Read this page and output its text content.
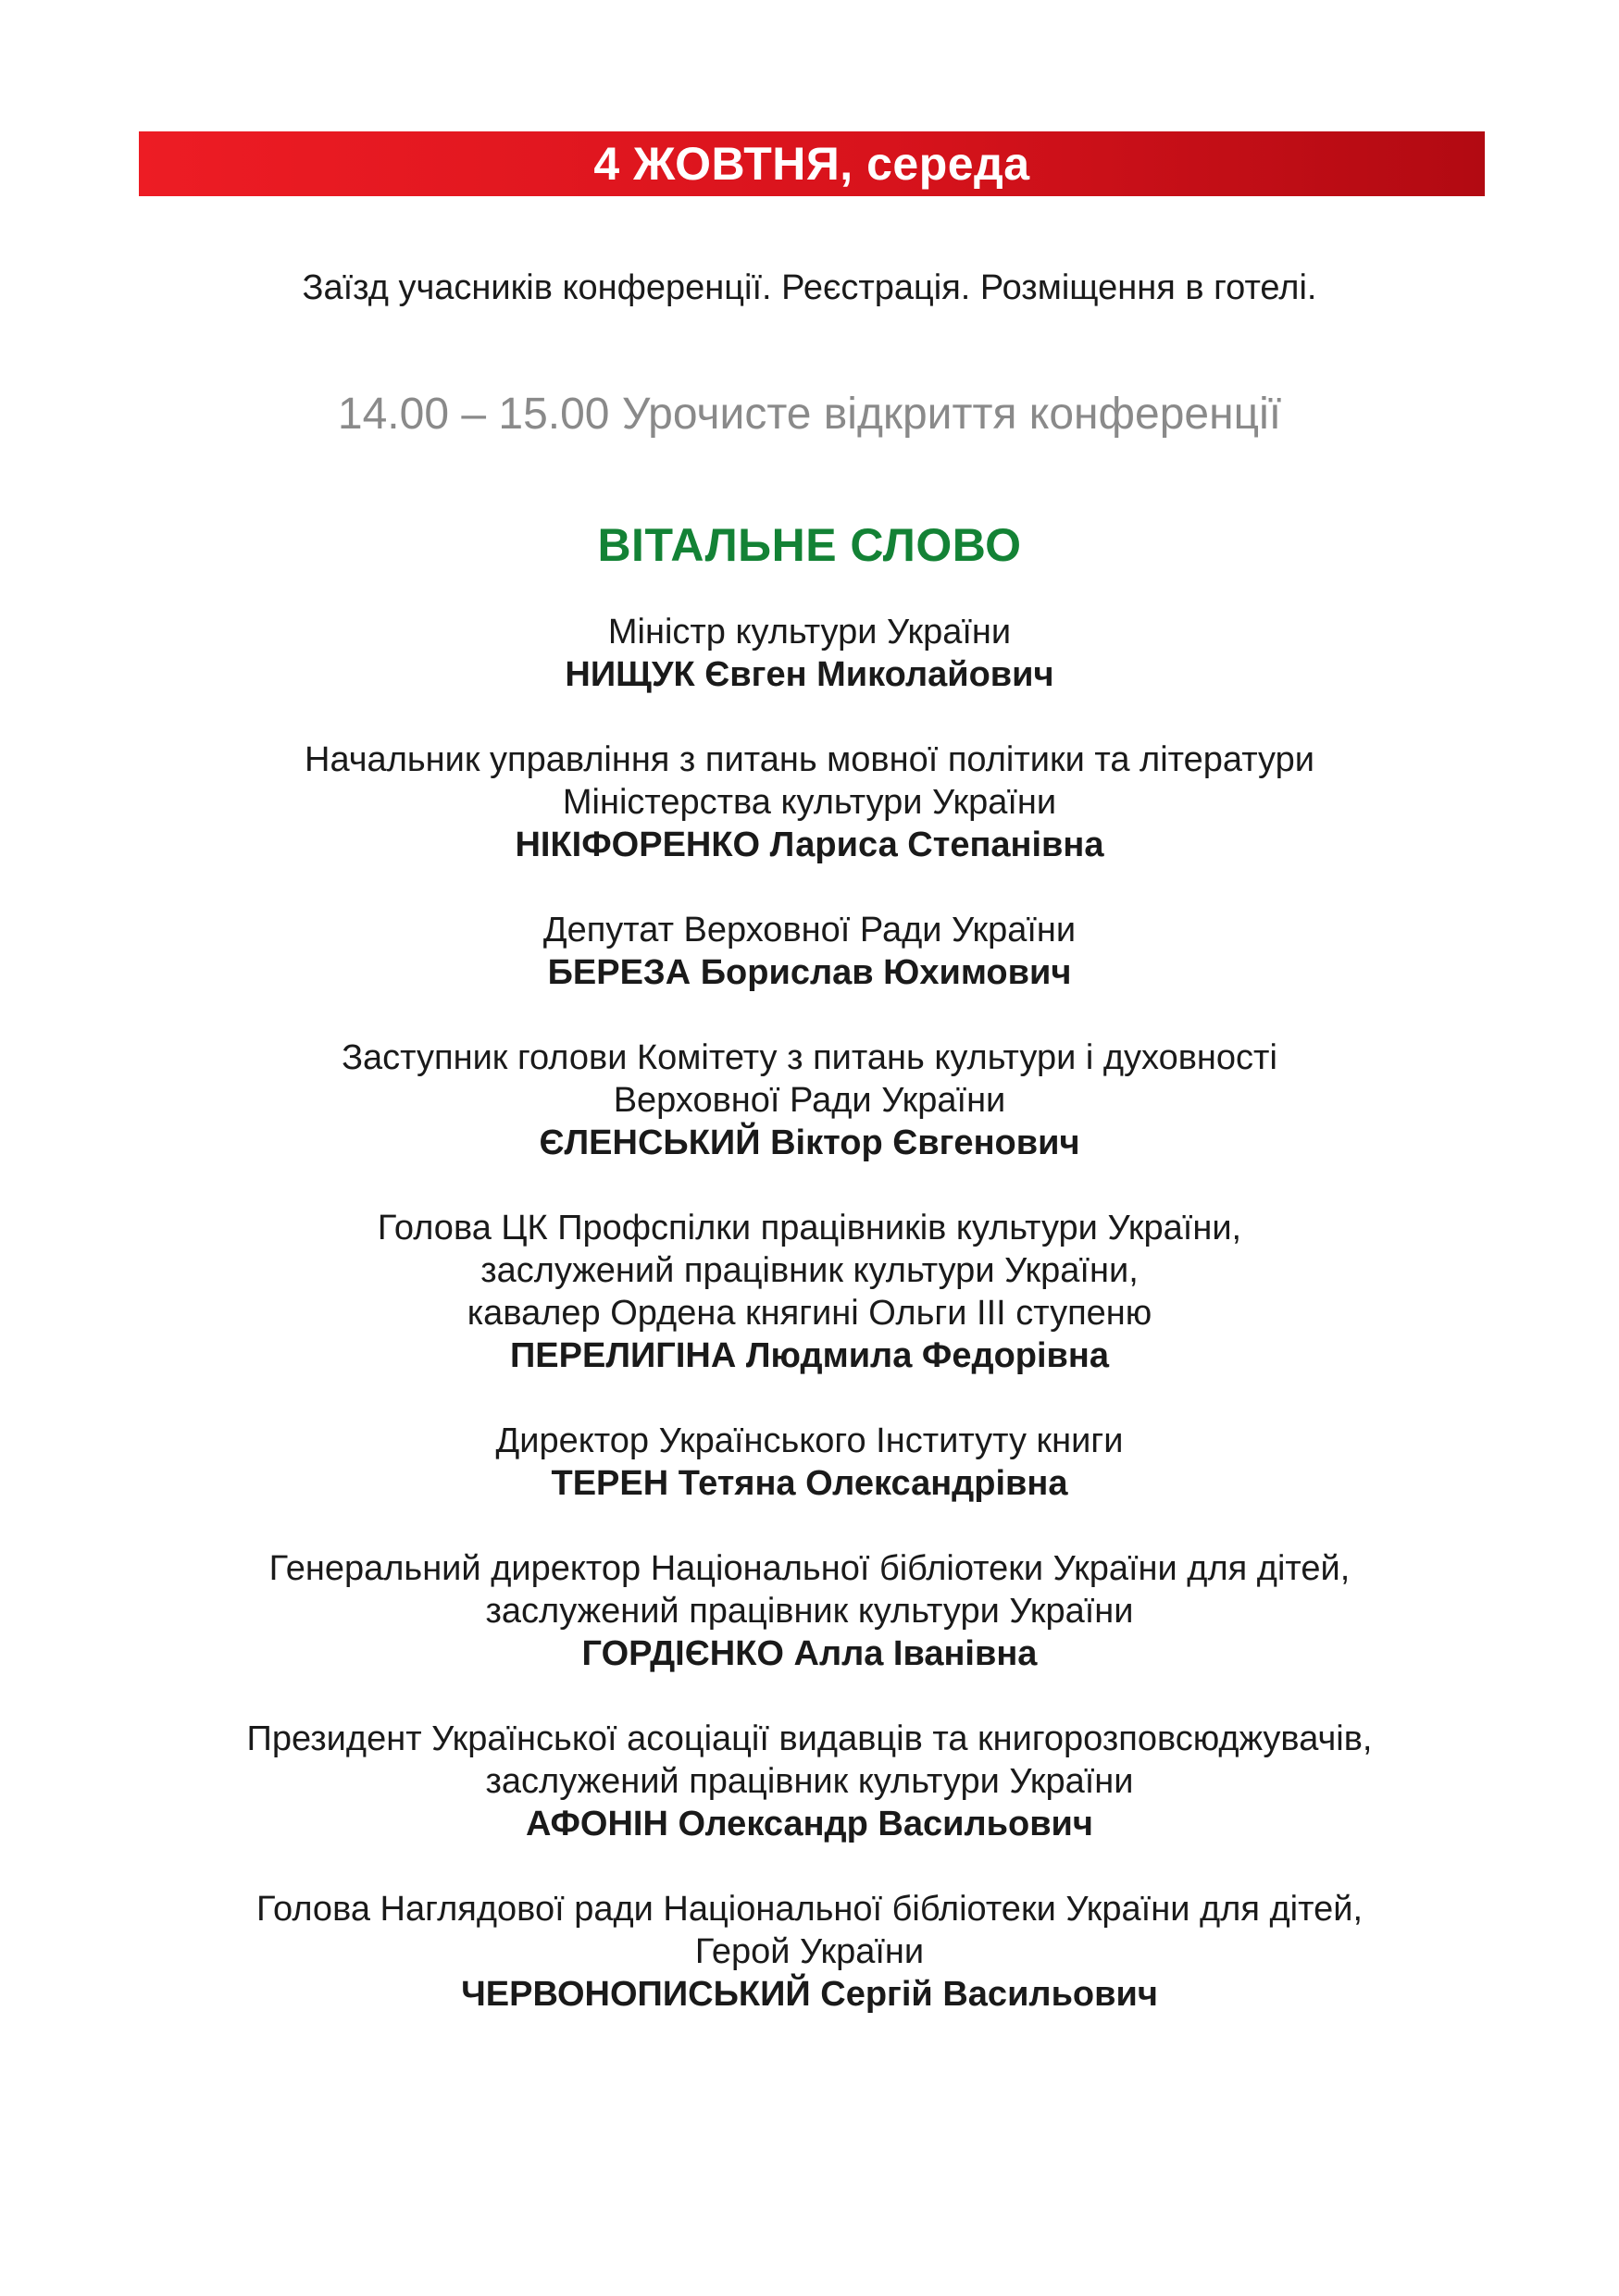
4 ЖОВТНЯ, середа
Заїзд учасників конференції. Реєстрація. Розміщення в готелі.
14.00 – 15.00 Урочисте відкриття конференції
ВІТАЛЬНЕ СЛОВО
Міністр культури України
НИЩУК Євген Миколайович
Начальник управління з питань мовної політики та літератури
Міністерства культури України
НІКІФОРЕНКО Лариса Степанівна
Депутат Верховної Ради України
БЕРЕЗА Борислав Юхимович
Заступник голови Комітету з питань культури і духовності
Верховної Ради України
ЄЛЕНСЬКИЙ Віктор Євгенович
Голова ЦК Профспілки працівників культури України,
заслужений працівник культури України,
кавалер Ордена княгині Ольги ІІІ ступеню
ПЕРЕЛИГІНА Людмила Федорівна
Директор Українського Інституту книги
ТЕРЕН Тетяна Олександрівна
Генеральний директор Національної бібліотеки України для дітей,
заслужений працівник культури України
ГОРДІЄНКО Алла Іванівна
Президент Української асоціації видавців та книгорозповсюджувачів,
заслужений працівник культури України
АФОНІН Олександр Васильович
Голова Наглядової ради Національної бібліотеки України для дітей,
Герой України
ЧЕРВОНОПИСЬКИЙ Сергій Васильович
